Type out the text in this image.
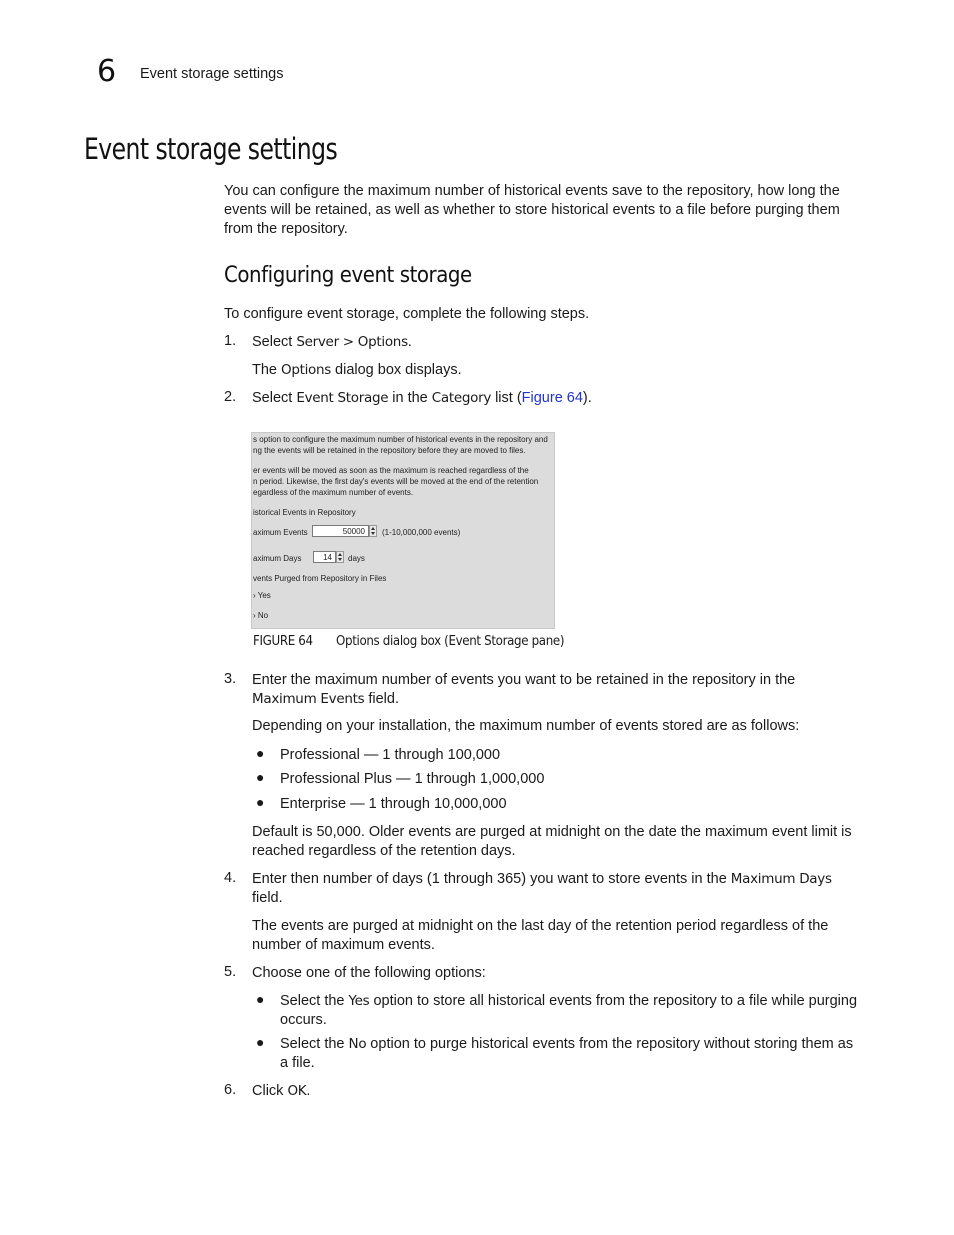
6 Event storage settings
Event storage settings
You can configure the maximum number of historical events save to the repository, how long the
events will be retained, as well as whether to store historical events to a file before purging them
from the repository.
Configuring event storage
To configure event storage, complete the following steps.
1. Select Server > Options.
The Options dialog box displays.
2. Select Event Storage in the Category list (Figure 64).
s option to configure the maximum number of historical events in the repository and
ng the events will be retained in the repository before they are moved to files.
er events will be moved as soon as the maximum is reached regardless of the
n period. Likewise, the first day's events will be moved at the end of the retention
egardless of the maximum number of events.
istorical Events in Repository
aximum Events	50000	(1-10,000,000 events)
aximum Days	14	days
vents Purged from Repository in Files
› Yes
› No
FIGURE 64 Options dialog box (Event Storage pane)
3. Enter the maximum number of events you want to be retained in the repository in the
Maximum Events field.
Depending on your installation, the maximum number of events stored are as follows:
● Professional — 1 through 100,000
● Professional Plus — 1 through 1,000,000
● Enterprise — 1 through 10,000,000
Default is 50,000. Older events are purged at midnight on the date the maximum event limit is
reached regardless of the retention days.
4. Enter then number of days (1 through 365) you want to store events in the Maximum Days
field.
The events are purged at midnight on the last day of the retention period regardless of the
number of maximum events.
5. Choose one of the following options:
● Select the Yes option to store all historical events from the repository to a file while purging
occurs.
● Select the No option to purge historical events from the repository without storing them as
a file.
6. Click OK.
